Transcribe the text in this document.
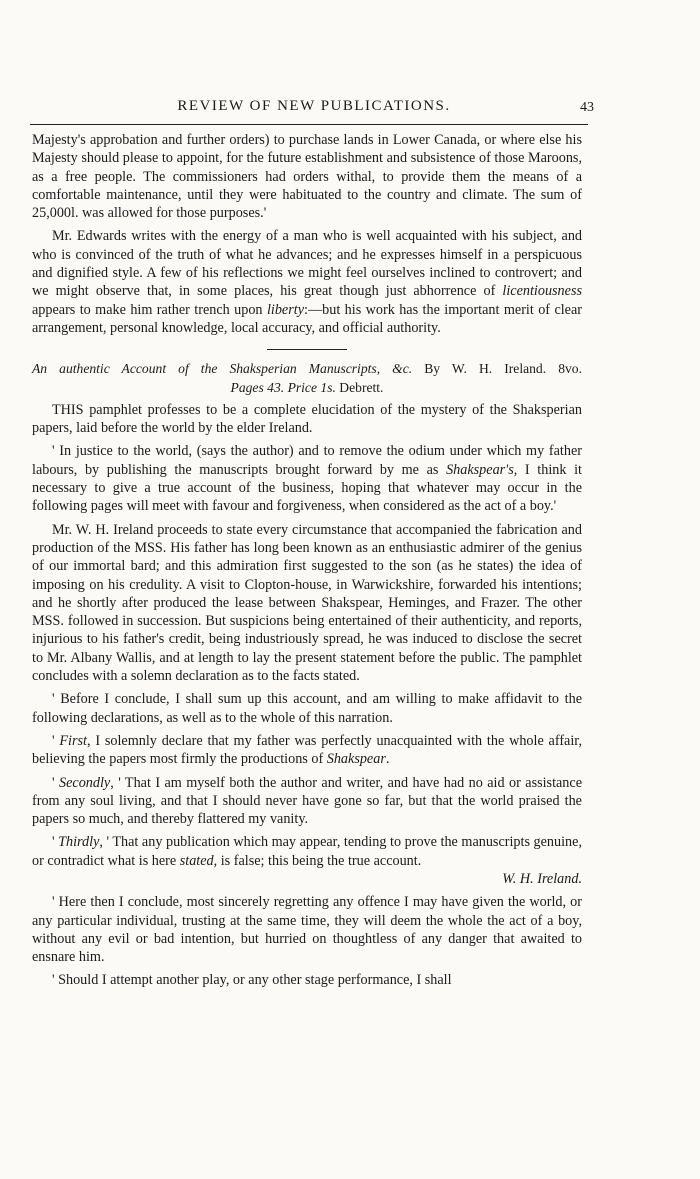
REVIEW OF NEW PUBLICATIONS.	43

Majesty's approbation and further orders) to purchase lands in Lower Canada, or where else his Majesty should please to appoint, for the future establishment and subsistence of those Maroons, as a free people. The commissioners had orders withal, to provide them the means of a comfortable maintenance, until they were habituated to the country and climate. The sum of 25,000l. was allowed for those purposes.'

Mr. Edwards writes with the energy of a man who is well acquainted with his subject, and who is convinced of the truth of what he advances; and he expresses himself in a perspicuous and dignified style. A few of his reflections we might feel ourselves inclined to controvert; and we might observe that, in some places, his great though just abhorrence of licentiousness appears to make him rather trench upon liberty:—but his work has the important merit of clear arrangement, personal knowledge, local accuracy, and official authority.

An authentic Account of the Shaksperian Manuscripts, &c. By W. H. Ireland. 8vo.
Pages 43. Price 1s. Debrett.

THIS pamphlet professes to be a complete elucidation of the mystery of the Shaksperian papers, laid before the world by the elder Ireland.

' In justice to the world, (says the author) and to remove the odium under which my father labours, by publishing the manuscripts brought forward by me as Shakspear's, I think it necessary to give a true account of the business, hoping that whatever may occur in the following pages will meet with favour and forgiveness, when considered as the act of a boy.'

Mr. W. H. Ireland proceeds to state every circumstance that accompanied the fabrication and production of the MSS. His father has long been known as an enthusiastic admirer of the genius of our immortal bard; and this admiration first suggested to the son (as he states) the idea of imposing on his credulity. A visit to Clopton-house, in Warwickshire, forwarded his intentions; and he shortly after produced the lease between Shakspear, Heminges, and Frazer. The other MSS. followed in succession. But suspicions being entertained of their authenticity, and reports, injurious to his father's credit, being industriously spread, he was induced to disclose the secret to Mr. Albany Wallis, and at length to lay the present statement before the public. The pamphlet concludes with a solemn declaration as to the facts stated.

' Before I conclude, I shall sum up this account, and am willing to make affidavit to the following declarations, as well as to the whole of this narration.

' First, I solemnly declare that my father was perfectly unacquainted with the whole affair, believing the papers most firmly the productions of Shakspear.

' Secondly, ' That I am myself both the author and writer, and have had no aid or assistance from any soul living, and that I should never have gone so far, but that the world praised the papers so much, and thereby flattered my vanity.

' Thirdly, ' That any publication which may appear, tending to prove the manuscripts genuine, or contradict what is here stated, is false; this being the true account.

W. H. Ireland.

' Here then I conclude, most sincerely regretting any offence I may have given the world, or any particular individual, trusting at the same time, they will deem the whole the act of a boy, without any evil or bad intention, but hurried on thoughtless of any danger that awaited to ensnare him.

' Should I attempt another play, or any other stage performance, I shall
